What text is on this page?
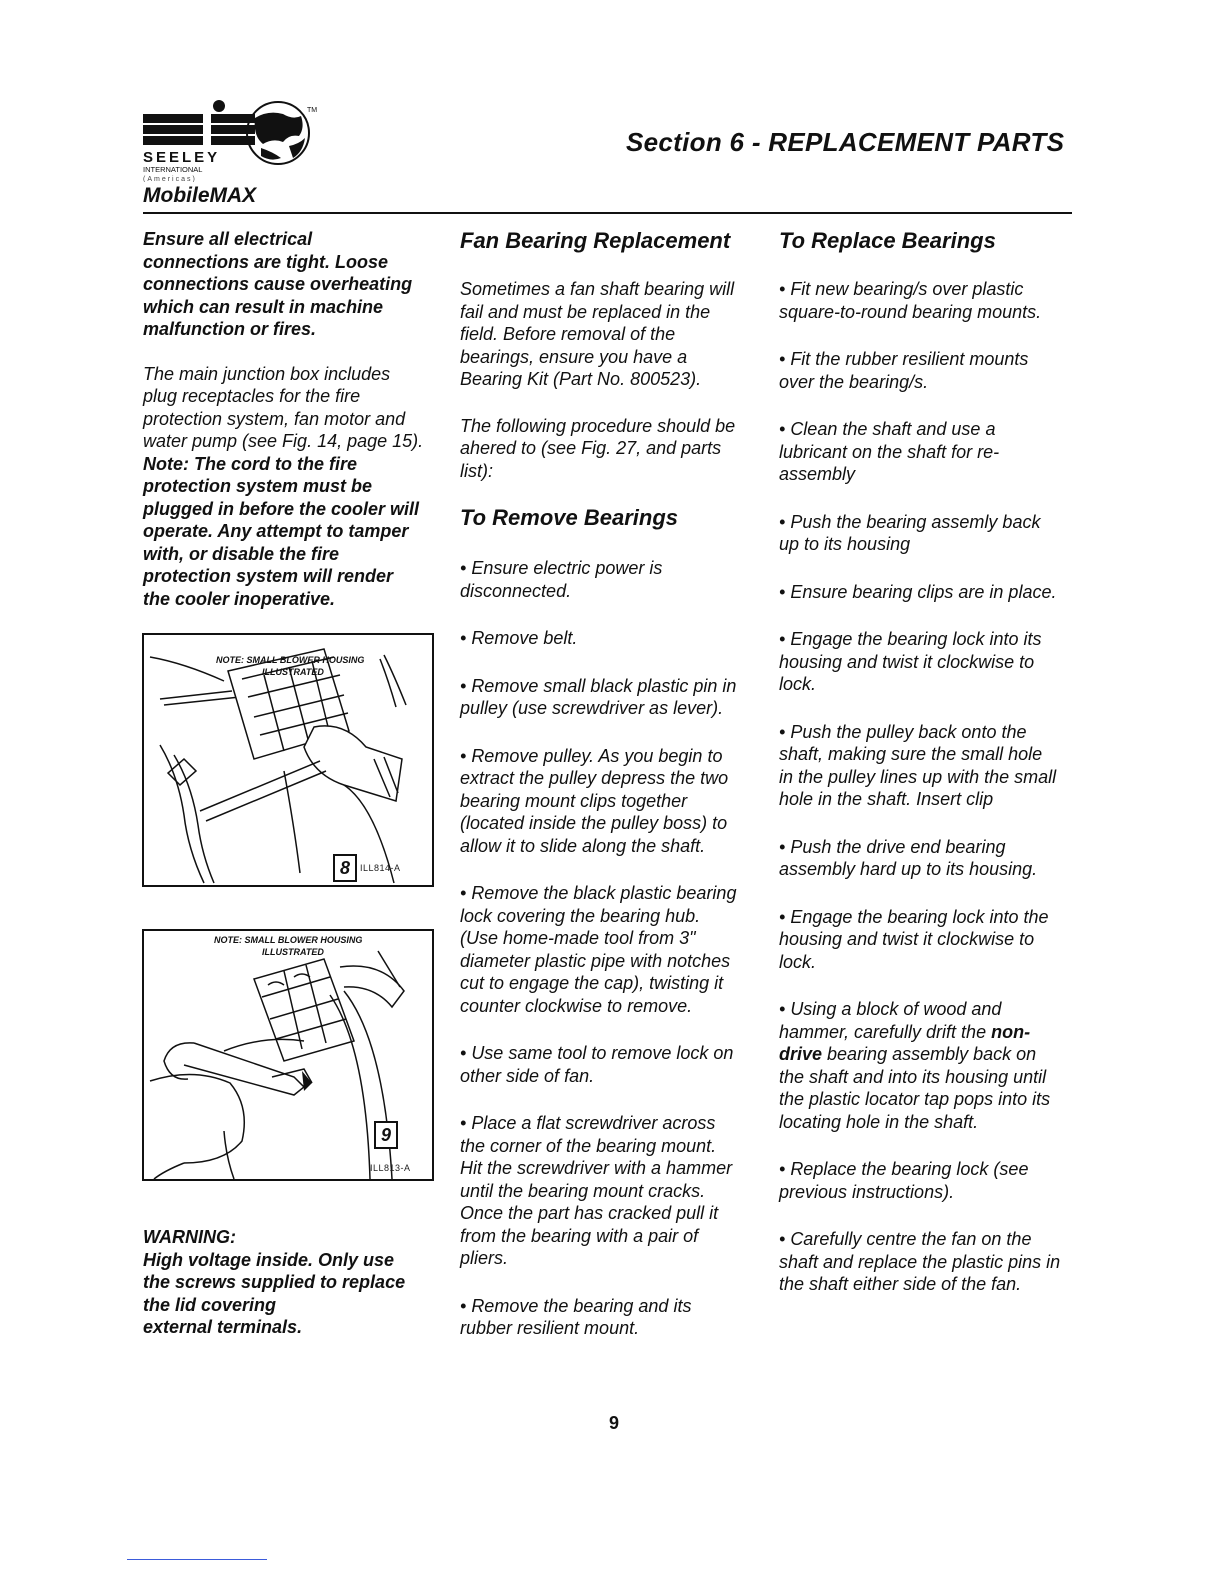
SEELEY
INTERNATIONAL
(Americas)
TM
MobileMAX
Section 6 - REPLACEMENT PARTS

Ensure all electrical
connections are tight. Loose
connections cause overheating
which can result in machine
malfunction or fires.

The main junction box includes
plug receptacles for the fire
protection system, fan motor and
water pump (see Fig. 14, page 15).

Note: The cord to the fire
protection system must be
plugged in before the cooler will
operate. Any attempt to tamper
with, or disable the fire
protection system will render
the cooler inoperative.

NOTE: SMALL BLOWER HOUSING
ILLUSTRATED
8	ILL814-A
NOTE: SMALL BLOWER HOUSING
ILLUSTRATED
9
ILL813-A
WARNING:
High voltage inside. Only use
the screws supplied to replace
the lid covering
external terminals.
Fan Bearing Replacement

Sometimes a fan shaft bearing will
fail and must be replaced in the
field. Before removal of the
bearings, ensure you have a
Bearing Kit (Part No. 800523).

The following procedure should be
ahered to (see Fig. 27, and parts
list):

To Remove Bearings

• Ensure electric power is
disconnected.

• Remove belt.

• Remove small black plastic pin in
pulley (use screwdriver as lever).

• Remove pulley. As you begin to
extract the pulley depress the two
bearing mount clips together
(located inside the pulley boss) to
allow it to slide along the shaft.

• Remove the black plastic bearing
lock covering the bearing hub.
(Use home-made tool from 3"
diameter plastic pipe with notches
cut to engage the cap), twisting it
counter clockwise to remove.

• Use same tool to remove lock on
other side of fan.

• Place a flat screwdriver across
the corner of the bearing mount.
Hit the screwdriver with a hammer
until the bearing mount cracks.
Once the part has cracked pull it
from the bearing with a pair of
pliers.

• Remove the bearing and its
rubber resilient mount.

To Replace Bearings

• Fit new bearing/s over plastic
square-to-round bearing mounts.

• Fit the rubber resilient mounts
over the bearing/s.

• Clean the shaft and use a
lubricant on the shaft for re-
assembly

• Push the bearing assemly back
up to its housing

• Ensure bearing clips are in place.

• Engage the bearing lock into its
housing and twist it clockwise to
lock.

• Push the pulley back onto the
shaft, making sure the small hole
in the pulley lines up with the small
hole in the shaft. Insert clip

• Push the drive end bearing
assembly hard up to its housing.

• Engage the bearing lock into the
housing and twist it clockwise to
lock.

• Using a block of wood and
hammer, carefully drift the non-
drive bearing assembly back on
the shaft and into its housing until
the plastic locator tap pops into its
locating hole in the shaft.

• Replace the bearing lock (see
previous instructions).

• Carefully centre the fan on the
shaft and replace the plastic pins in
the shaft either side of the fan.

9
